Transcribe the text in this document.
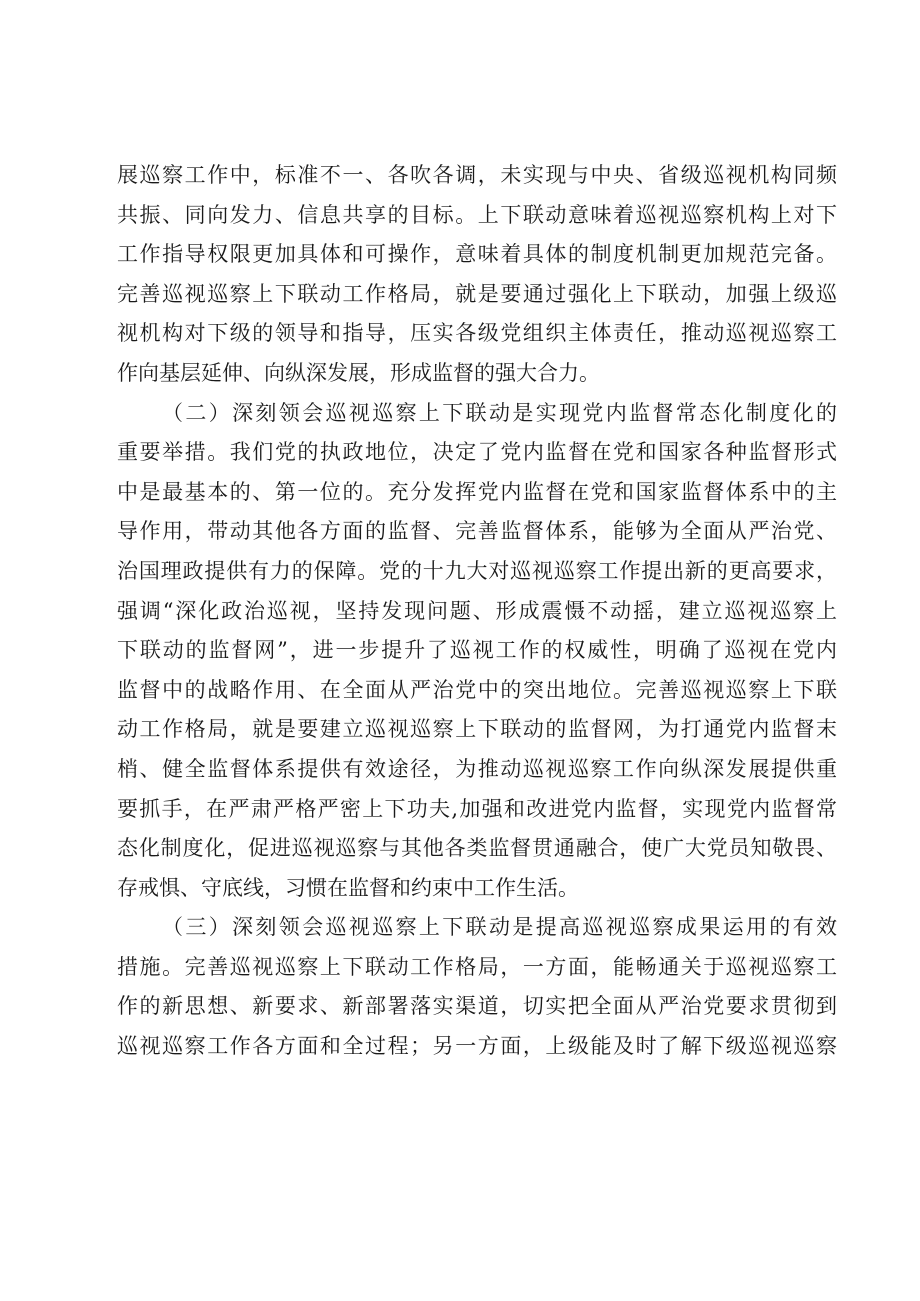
展巡察工作中，标准不一、各吹各调，未实现与中央、省级巡视机构同频
共振、同向发力、信息共享的目标。上下联动意味着巡视巡察机构上对下
工作指导权限更加具体和可操作，意味着具体的制度机制更加规范完备。
完善巡视巡察上下联动工作格局，就是要通过强化上下联动，加强上级巡
视机构对下级的领导和指导，压实各级党组织主体责任，推动巡视巡察工
作向基层延伸、向纵深发展，形成监督的强大合力。
（二）深刻领会巡视巡察上下联动是实现党内监督常态化制度化的
重要举措。我们党的执政地位，决定了党内监督在党和国家各种监督形式
中是最基本的、第一位的。充分发挥党内监督在党和国家监督体系中的主
导作用，带动其他各方面的监督、完善监督体系，能够为全面从严治党、
治国理政提供有力的保障。党的十九大对巡视巡察工作提出新的更高要求，
强调“深化政治巡视，坚持发现问题、形成震慑不动摇，建立巡视巡察上
下联动的监督网”，进一步提升了巡视工作的权威性，明确了巡视在党内
监督中的战略作用、在全面从严治党中的突出地位。完善巡视巡察上下联
动工作格局，就是要建立巡视巡察上下联动的监督网，为打通党内监督末
梢、健全监督体系提供有效途径，为推动巡视巡察工作向纵深发展提供重
要抓手，在严肃严格严密上下功夫,加强和改进党内监督，实现党内监督常
态化制度化，促进巡视巡察与其他各类监督贯通融合，使广大党员知敬畏、
存戒惧、守底线，习惯在监督和约束中工作生活。
（三）深刻领会巡视巡察上下联动是提高巡视巡察成果运用的有效
措施。完善巡视巡察上下联动工作格局，一方面，能畅通关于巡视巡察工
作的新思想、新要求、新部署落实渠道，切实把全面从严治党要求贯彻到
巡视巡察工作各方面和全过程；另一方面，上级能及时了解下级巡视巡察
